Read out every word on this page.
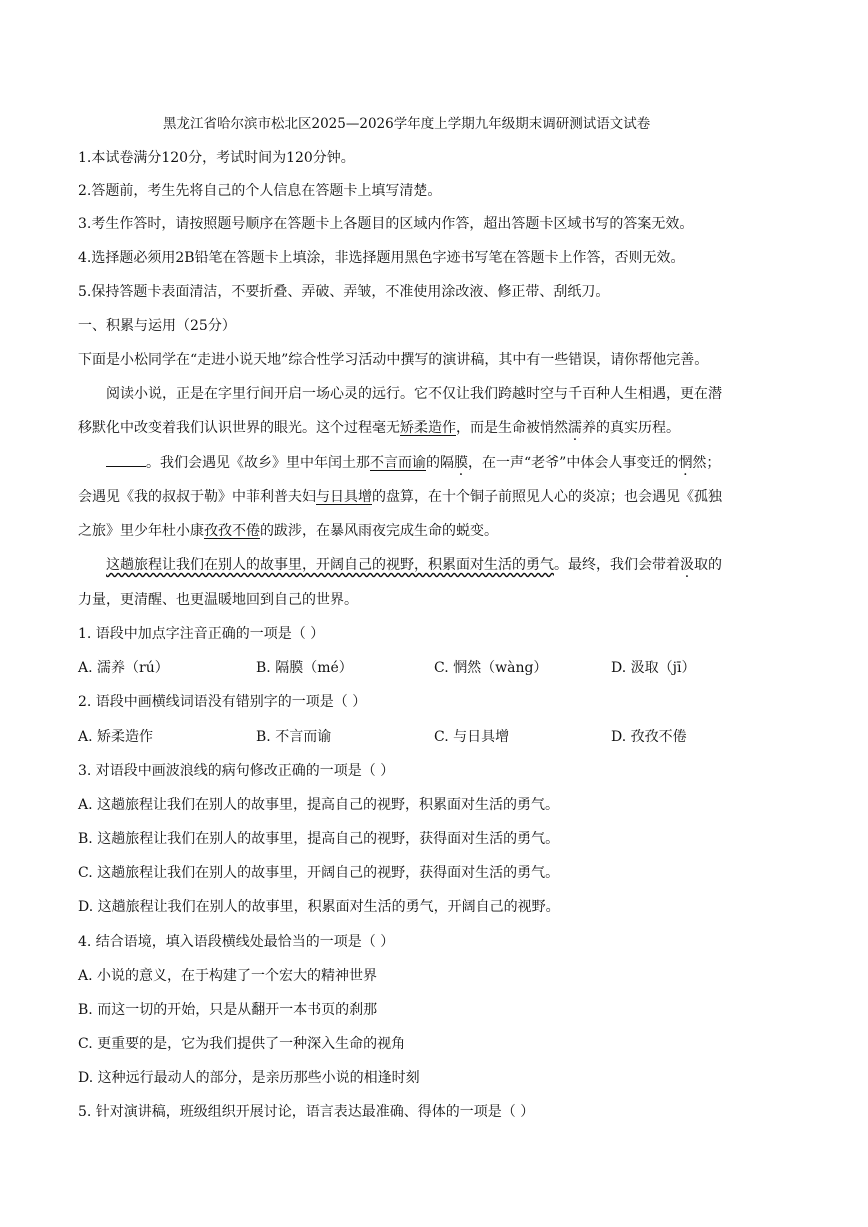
黑龙江省哈尔滨市松北区2025—2026学年度上学期九年级期末调研测试语文试卷
1.本试卷满分120分，考试时间为120分钟。
2.答题前，考生先将自己的个人信息在答题卡上填写清楚。
3.考生作答时，请按照题号顺序在答题卡上各题目的区域内作答，超出答题卡区域书写的答案无效。
4.选择题必须用2B铅笔在答题卡上填涂，非选择题用黑色字迹书写笔在答题卡上作答，否则无效。
5.保持答题卡表面清洁，不要折叠、弄破、弄皱，不准使用涂改液、修正带、刮纸刀。
一、积累与运用（25分）
下面是小松同学在“走进小说天地”综合性学习活动中撰写的演讲稿，其中有一些错误，请你帮他完善。
阅读小说，正是在字里行间开启一场心灵的远行。它不仅让我们跨越时空与千百种人生相遇，更在潜
移默化中改变着我们认识世界的眼光。这个过程毫无矫柔造作，而是生命被悄然濡养的真实历程。
。我们会遇见《故乡》里中年闰土那不言而谕的隔膜，在一声“老爷”中体会人事变迁的惘然；
会遇见《我的叔叔于勒》中菲利普夫妇与日具增的盘算，在十个铜子前照见人心的炎凉；也会遇见《孤独
之旅》里少年杜小康孜孜不倦的跋涉，在暴风雨夜完成生命的蜕变。
这趟旅程让我们在别人的故事里，开阔自己的视野，积累面对生活的勇气。最终，我们会带着汲取的
力量，更清醒、也更温暖地回到自己的世界。
1. 语段中加点字注音正确的一项是（ ）
A. 濡养（rú）	B. 隔膜（mé）	C. 惘然（wàng）	D. 汲取（jī）
2. 语段中画横线词语没有错别字的一项是（ ）
A. 矫柔造作	B. 不言而谕	C. 与日具增	D. 孜孜不倦
3. 对语段中画波浪线的病句修改正确的一项是（ ）
A. 这趟旅程让我们在别人的故事里，提高自己的视野，积累面对生活的勇气。
B. 这趟旅程让我们在别人的故事里，提高自己的视野，获得面对生活的勇气。
C. 这趟旅程让我们在别人的故事里，开阔自己的视野，获得面对生活的勇气。
D. 这趟旅程让我们在别人的故事里，积累面对生活的勇气，开阔自己的视野。
4. 结合语境，填入语段横线处最恰当的一项是（ ）
A. 小说的意义，在于构建了一个宏大的精神世界
B. 而这一切的开始，只是从翻开一本书页的刹那
C. 更重要的是，它为我们提供了一种深入生命的视角
D. 这种远行最动人的部分，是亲历那些小说的相逢时刻
5. 针对演讲稿，班级组织开展讨论，语言表达最准确、得体的一项是（ ）
